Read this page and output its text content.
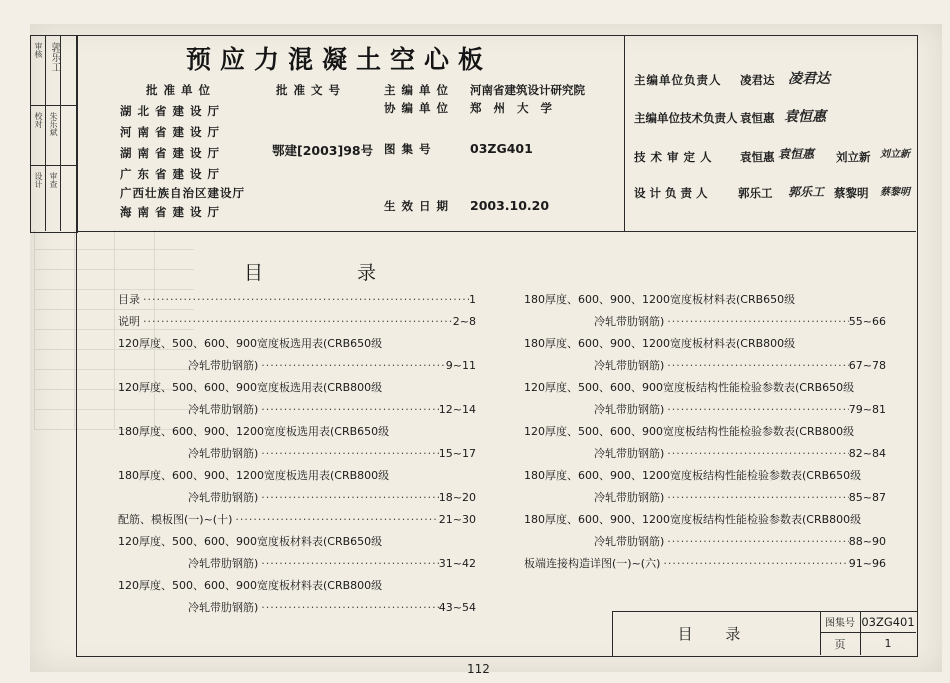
审核 郭乐工
校对 朱乐斌
设计 审查
预应力混凝土空心板
批准单位
湖北省建设厅
河南省建设厅
湖南省建设厅
广东省建设厅
广西壮族自治区建设厅
海南省建设厅
批准文号
鄂建[2003]98号
主编单位 河南省建筑设计研究院
协编单位 郑州大学
图集号	03ZG401
生效日期 2003.10.20
主编单位负责人 凌君达 凌君达
主编单位技术负责人 袁恒惠 袁恒惠
技术审定人 袁恒惠 袁恒惠 刘立新 刘立新
设计负责人 郭乐工 郭乐工 蔡黎明 蔡黎明
目 录
目录 ·····	1
说明 ·····	2~8
120厚度、500、600、900宽度板选用表(CRB650级
冷轧带肋钢筋) ·····	9~11
120厚度、500、600、900宽度板选用表(CRB800级
冷轧带肋钢筋) ·····	12~14
180厚度、600、900、1200宽度板选用表(CRB650级
冷轧带肋钢筋) ·····	15~17
180厚度、600、900、1200宽度板选用表(CRB800级
冷轧带肋钢筋) ·····	18~20
配筋、模板图(一)~(十) ·····	21~30
120厚度、500、600、900宽度板材料表(CRB650级
冷轧带肋钢筋) ·····	31~42
120厚度、500、600、900宽度板材料表(CRB800级
冷轧带肋钢筋) ·····	43~54
180厚度、600、900、1200宽度板材料表(CRB650级
冷轧带肋钢筋) ·····	55~66
180厚度、600、900、1200宽度板材料表(CRB800级
冷轧带肋钢筋) ·····	67~78
120厚度、500、600、900宽度板结构性能检验参数表(CRB650级
冷轧带肋钢筋) ·····	79~81
120厚度、500、600、900宽度板结构性能检验参数表(CRB800级
冷轧带肋钢筋) ·····	82~84
180厚度、600、900、1200宽度板结构性能检验参数表(CRB650级
冷轧带肋钢筋) ·····	85~87
180厚度、600、900、1200宽度板结构性能检验参数表(CRB800级
冷轧带肋钢筋) ·····	88~90
板端连接构造详图(一)~(六) ·····	91~96
目 录
图集号 03ZG401
页	1
112
